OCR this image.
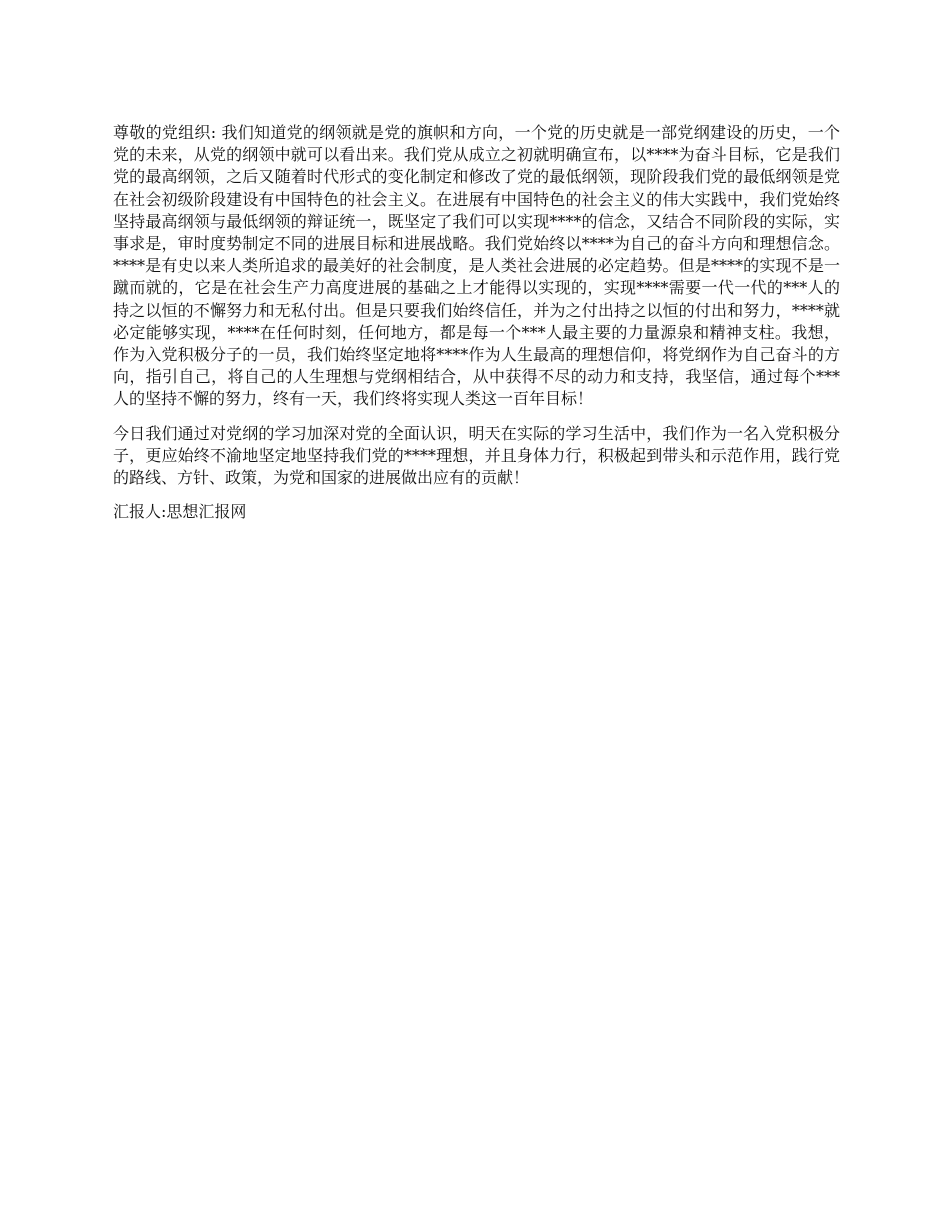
尊敬的党组织: 我们知道党的纲领就是党的旗帜和方向，一个党的历史就是一部党纲建设的历史，一个党的未来，从党的纲领中就可以看出来。我们党从成立之初就明确宣布，以****为奋斗目标，它是我们党的最高纲领，之后又随着时代形式的变化制定和修改了党的最低纲领，现阶段我们党的最低纲领是党在社会初级阶段建设有中国特色的社会主义。在进展有中国特色的社会主义的伟大实践中，我们党始终坚持最高纲领与最低纲领的辩证统一，既坚定了我们可以实现****的信念，又结合不同阶段的实际，实事求是，审时度势制定不同的进展目标和进展战略。我们党始终以****为自己的奋斗方向和理想信念。****是有史以来人类所追求的最美好的社会制度，是人类社会进展的必定趋势。但是****的实现不是一蹴而就的，它是在社会生产力高度进展的基础之上才能得以实现的，实现****需要一代一代的***人的持之以恒的不懈努力和无私付出。但是只要我们始终信任，并为之付出持之以恒的付出和努力，****就必定能够实现，****在任何时刻，任何地方，都是每一个***人最主要的力量源泉和精神支柱。我想，作为入党积极分子的一员，我们始终坚定地将****作为人生最高的理想信仰，将党纲作为自己奋斗的方向，指引自己，将自己的人生理想与党纲相结合，从中获得不尽的动力和支持，我坚信，通过每个***人的坚持不懈的努力，终有一天，我们终将实现人类这一百年目标！

今日我们通过对党纲的学习加深对党的全面认识，明天在实际的学习生活中，我们作为一名入党积极分子，更应始终不渝地坚定地坚持我们党的****理想，并且身体力行，积极起到带头和示范作用，践行党的路线、方针、政策，为党和国家的进展做出应有的贡献！

汇报人:思想汇报网
